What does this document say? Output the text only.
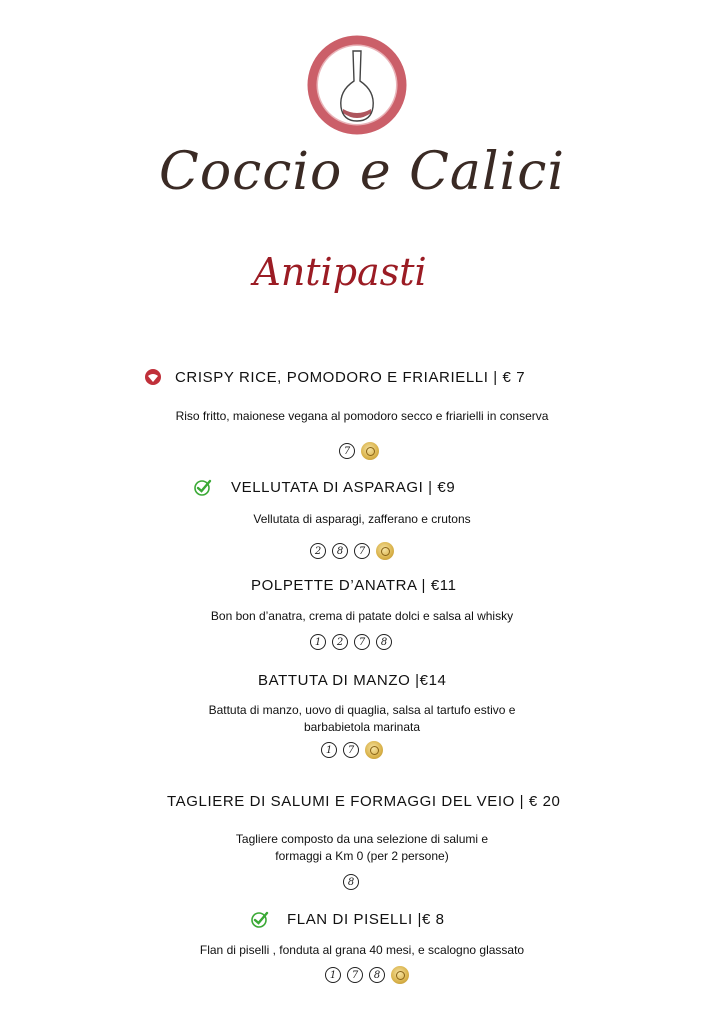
Coccio e Calici
Antipasti
CRISPY RICE, POMODORO E FRIARIELLI | € 7
Riso fritto, maionese vegana al pomodoro secco e friarielli in conserva
7
VELLUTATA DI ASPARAGI | €9
Vellutata di asparagi, zafferano e crutons
2	8	7
POLPETTE D’ANATRA | €11
Bon bon d’anatra, crema di patate dolci e salsa al whisky
1	2	7	8
BATTUTA DI MANZO |€14
Battuta di manzo, uovo di quaglia, salsa al tartufo estivo e
barbabietola marinata
1	7
TAGLIERE DI SALUMI E FORMAGGI DEL VEIO | € 20
Tagliere composto da una selezione di salumi e
formaggi a Km 0 (per 2 persone)
8
FLAN DI PISELLI |€ 8
Flan di piselli , fonduta al grana 40 mesi, e scalogno glassato
1	7	8
